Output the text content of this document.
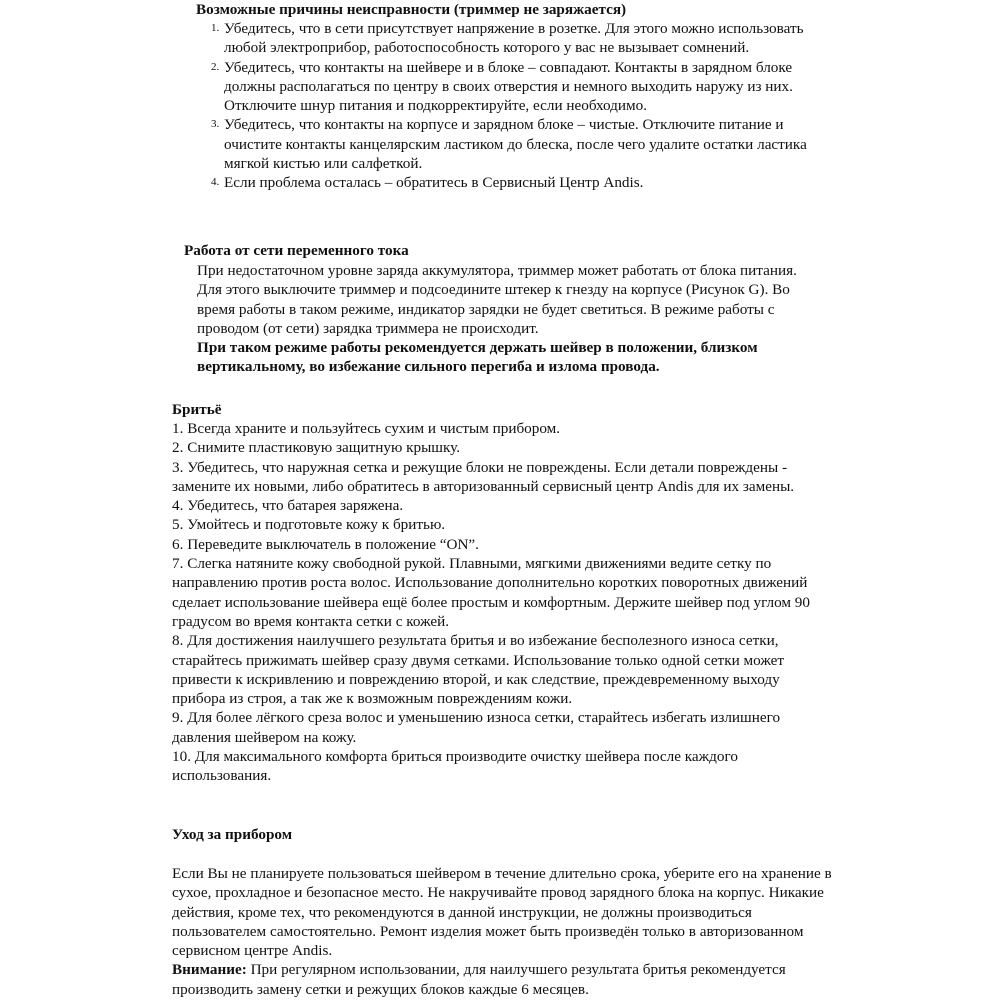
Возможные причины неисправности (триммер не заряжается)
1. Убедитесь, что в сети присутствует напряжение в розетке. Для этого можно использовать любой электроприбор, работоспособность которого у вас не вызывает сомнений.
2. Убедитесь, что контакты на шейвере и в блоке – совпадают. Контакты в зарядном блоке должны располагаться по центру в своих отверстия и немного выходить наружу из них. Отключите шнур питания и подкорректируйте, если необходимо.
3. Убедитесь, что контакты на корпусе и зарядном блоке – чистые. Отключите питание и очистите контакты канцелярским ластиком до блеска, после чего удалите остатки ластика мягкой кистью или салфеткой.
4. Если проблема осталась – обратитесь в Сервисный Центр Andis.
Работа от сети переменного тока
При недостаточном уровне заряда аккумулятора, триммер может работать от блока питания. Для этого выключите триммер и подсоедините штекер к гнезду на корпусе (Рисунок G). Во время работы в таком режиме, индикатор зарядки не будет светиться. В режиме работы с проводом (от сети) зарядка триммера не происходит.
При таком режиме работы рекомендуется держать шейвер в положении, близком вертикальному, во избежание сильного перегиба и излома провода.
Бритьё
1. Всегда храните и пользуйтесь сухим и чистым прибором.
2. Снимите пластиковую защитную крышку.
3. Убедитесь, что наружная сетка и режущие блоки не повреждены. Если детали повреждены - замените их новыми, либо обратитесь в авторизованный сервисный центр Andis для их замены.
4. Убедитесь, что батарея заряжена.
5. Умойтесь и подготовьте кожу к бритью.
6. Переведите выключатель в положение “ON”.
7. Слегка натяните кожу свободной рукой. Плавными, мягкими движениями ведите сетку по направлению против роста волос. Использование дополнительно коротких поворотных движений сделает использование шейвера ещё более простым и комфортным. Держите шейвер под углом 90 градусом во время контакта сетки с кожей.
8. Для достижения наилучшего результата бритья и во избежание бесполезного износа сетки, старайтесь прижимать шейвер сразу двумя сетками. Использование только одной сетки может привести к искривлению и повреждению второй, и как следствие, преждевременному выходу прибора из строя, а так же к возможным повреждениям кожи.
9. Для более лёгкого среза волос и уменьшению износа сетки, старайтесь избегать излишнего давления шейвером на кожу.
10. Для максимального комфорта бриться производите очистку шейвера после каждого использования.
Уход за прибором
Если Вы не планируете пользоваться шейвером в течение длительно срока, уберите его на хранение в сухое, прохладное и безопасное место. Не накручивайте провод зарядного блока на корпус. Никакие действия, кроме тех, что рекомендуются в данной инструкции, не должны производиться пользователем самостоятельно. Ремонт изделия может быть произведён только в авторизованном сервисном центре Andis.
Внимание: При регулярном использовании, для наилучшего результата бритья рекомендуется производить замену сетки и режущих блоков каждые 6 месяцев.
